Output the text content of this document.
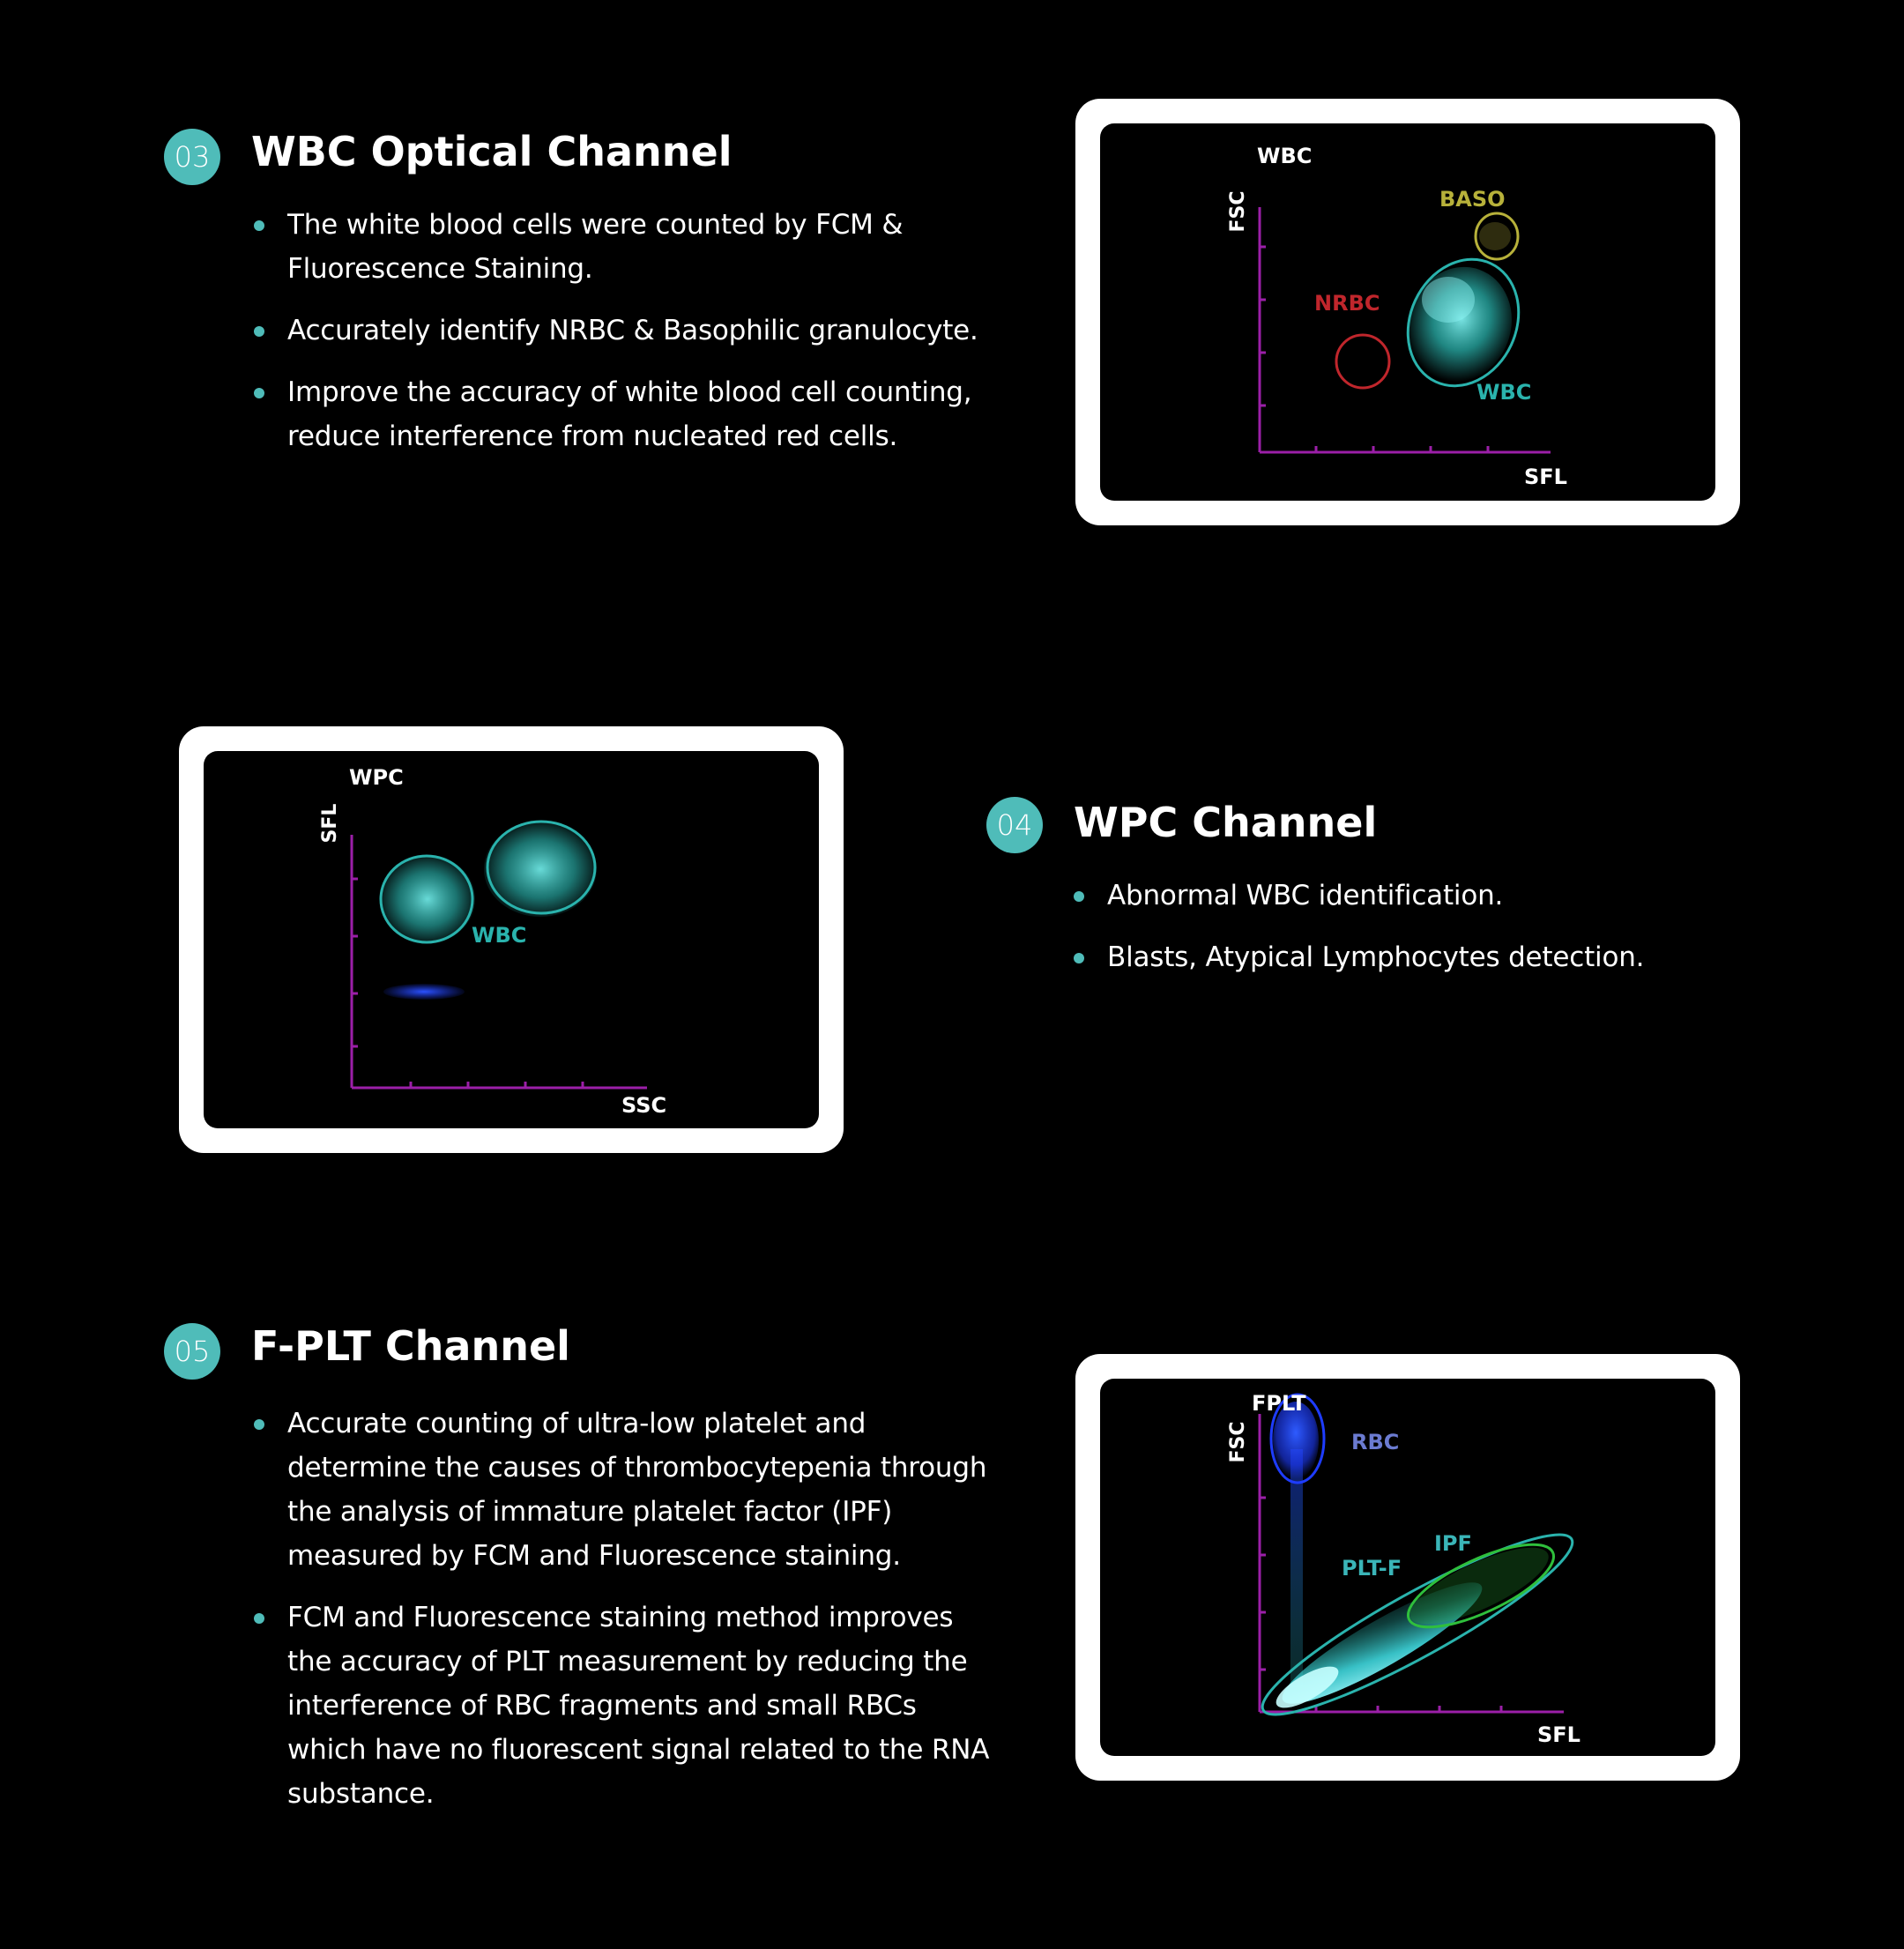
03 WBC Optical Channel
The white blood cells were counted by FCM & Fluorescence Staining.
Accurately identify NRBC & Basophilic granulocyte.
Improve the accuracy of white blood cell counting, reduce interference from nucleated red cells.
WBC
FSC
SFL
BASO
NRBC
WBC
WPC
SFL
SSC
WBC
04 WPC Channel
Abnormal WBC identification.
Blasts, Atypical Lymphocytes detection.
05 F-PLT Channel
Accurate counting of ultra-low platelet and determine the causes of thrombocytepenia through the analysis of immature platelet factor (IPF) measured by FCM and Fluorescence staining.
FCM and Fluorescence staining method improves the accuracy of PLT measurement by reducing the interference of RBC fragments and small RBCs which have no fluorescent signal related to the RNA substance.
FPLT
FSC
SFL
RBC
IPF
PLT-F
